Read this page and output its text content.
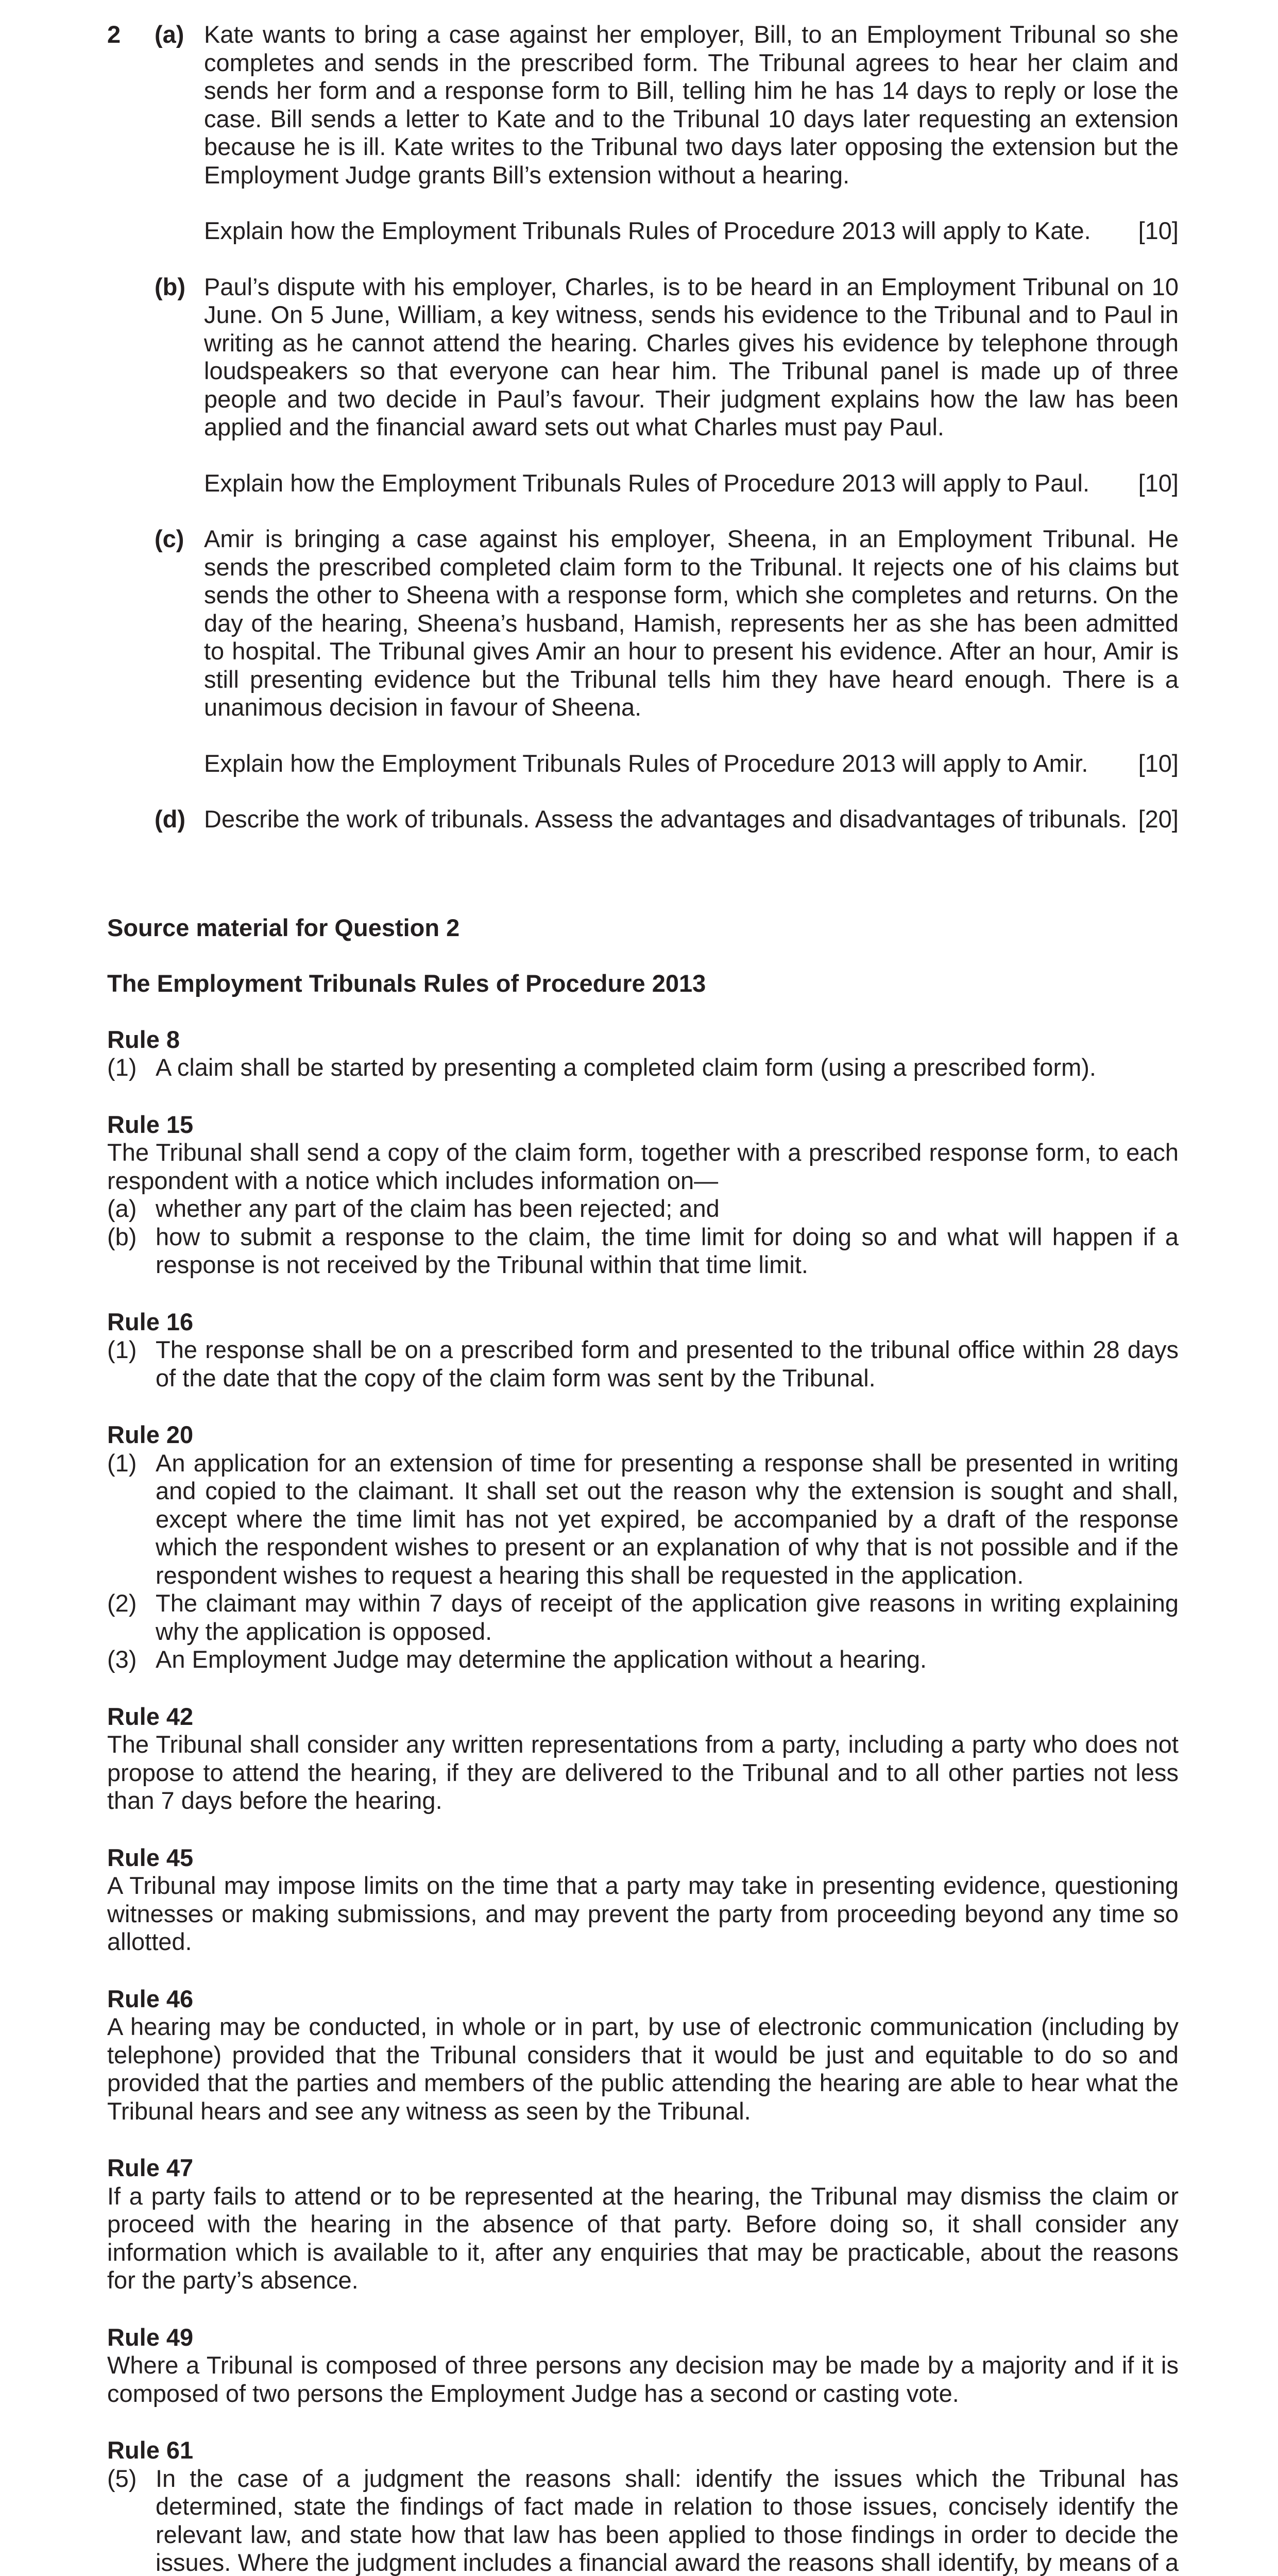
2 (a) Kate wants to bring a case against her employer, Bill, to an Employment Tribunal so she completes and sends in the prescribed form. The Tribunal agrees to hear her claim and sends her form and a response form to Bill, telling him he has 14 days to reply or lose the case. Bill sends a letter to Kate and to the Tribunal 10 days later requesting an extension because he is ill. Kate writes to the Tribunal two days later opposing the extension but the Employment Judge grants Bill’s extension without a hearing.
Explain how the Employment Tribunals Rules of Procedure 2013 will apply to Kate. [10]
(b) Paul’s dispute with his employer, Charles, is to be heard in an Employment Tribunal on 10 June. On 5 June, William, a key witness, sends his evidence to the Tribunal and to Paul in writing as he cannot attend the hearing. Charles gives his evidence by telephone through loudspeakers so that everyone can hear him. The Tribunal panel is made up of three people and two decide in Paul’s favour. Their judgment explains how the law has been applied and the financial award sets out what Charles must pay Paul.
Explain how the Employment Tribunals Rules of Procedure 2013 will apply to Paul. [10]
(c) Amir is bringing a case against his employer, Sheena, in an Employment Tribunal. He sends the prescribed completed claim form to the Tribunal. It rejects one of his claims but sends the other to Sheena with a response form, which she completes and returns. On the day of the hearing, Sheena’s husband, Hamish, represents her as she has been admitted to hospital. The Tribunal gives Amir an hour to present his evidence. After an hour, Amir is still presenting evidence but the Tribunal tells him they have heard enough. There is a unanimous decision in favour of Sheena.
Explain how the Employment Tribunals Rules of Procedure 2013 will apply to Amir. [10]
(d) Describe the work of tribunals. Assess the advantages and disadvantages of tribunals. [20]
Source material for Question 2
The Employment Tribunals Rules of Procedure 2013
Rule 8
(1) A claim shall be started by presenting a completed claim form (using a prescribed form).
Rule 15
The Tribunal shall send a copy of the claim form, together with a prescribed response form, to each respondent with a notice which includes information on—
(a) whether any part of the claim has been rejected; and
(b) how to submit a response to the claim, the time limit for doing so and what will happen if a response is not received by the Tribunal within that time limit.
Rule 16
(1) The response shall be on a prescribed form and presented to the tribunal office within 28 days of the date that the copy of the claim form was sent by the Tribunal.
Rule 20
(1) An application for an extension of time for presenting a response shall be presented in writing and copied to the claimant. It shall set out the reason why the extension is sought and shall, except where the time limit has not yet expired, be accompanied by a draft of the response which the respondent wishes to present or an explanation of why that is not possible and if the respondent wishes to request a hearing this shall be requested in the application.
(2) The claimant may within 7 days of receipt of the application give reasons in writing explaining why the application is opposed.
(3) An Employment Judge may determine the application without a hearing.
Rule 42
The Tribunal shall consider any written representations from a party, including a party who does not propose to attend the hearing, if they are delivered to the Tribunal and to all other parties not less than 7 days before the hearing.
Rule 45
A Tribunal may impose limits on the time that a party may take in presenting evidence, questioning witnesses or making submissions, and may prevent the party from proceeding beyond any time so allotted.
Rule 46
A hearing may be conducted, in whole or in part, by use of electronic communication (including by telephone) provided that the Tribunal considers that it would be just and equitable to do so and provided that the parties and members of the public attending the hearing are able to hear what the Tribunal hears and see any witness as seen by the Tribunal.
Rule 47
If a party fails to attend or to be represented at the hearing, the Tribunal may dismiss the claim or proceed with the hearing in the absence of that party. Before doing so, it shall consider any information which is available to it, after any enquiries that may be practicable, about the reasons for the party’s absence.
Rule 49
Where a Tribunal is composed of three persons any decision may be made by a majority and if it is composed of two persons the Employment Judge has a second or casting vote.
Rule 61
(5) In the case of a judgment the reasons shall: identify the issues which the Tribunal has determined, state the findings of fact made in relation to those issues, concisely identify the relevant law, and state how that law has been applied to those findings in order to decide the issues. Where the judgment includes a financial award the reasons shall identify, by means of a
